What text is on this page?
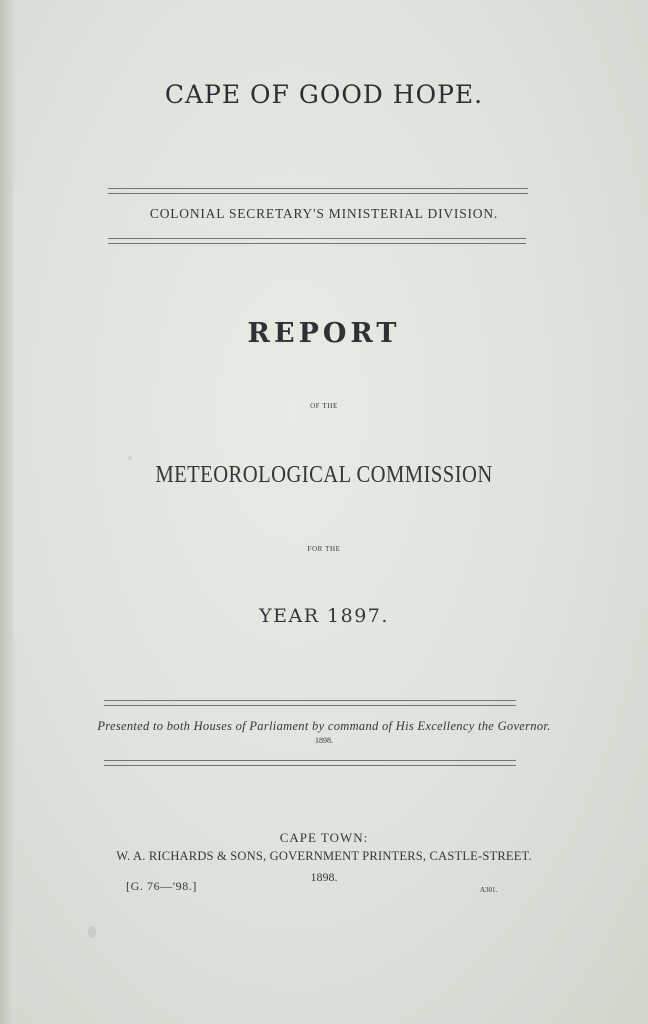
CAPE OF GOOD HOPE.
COLONIAL SECRETARY'S MINISTERIAL DIVISION.
REPORT
OF THE
METEOROLOGICAL COMMISSION
FOR THE
YEAR 1897.
Presented to both Houses of Parliament by command of His Excellency the Governor.
1898.
CAPE TOWN:
W. A. RICHARDS & SONS, GOVERNMENT PRINTERS, CASTLE-STREET.
1898.
[G. 76—'98.]	A301.
